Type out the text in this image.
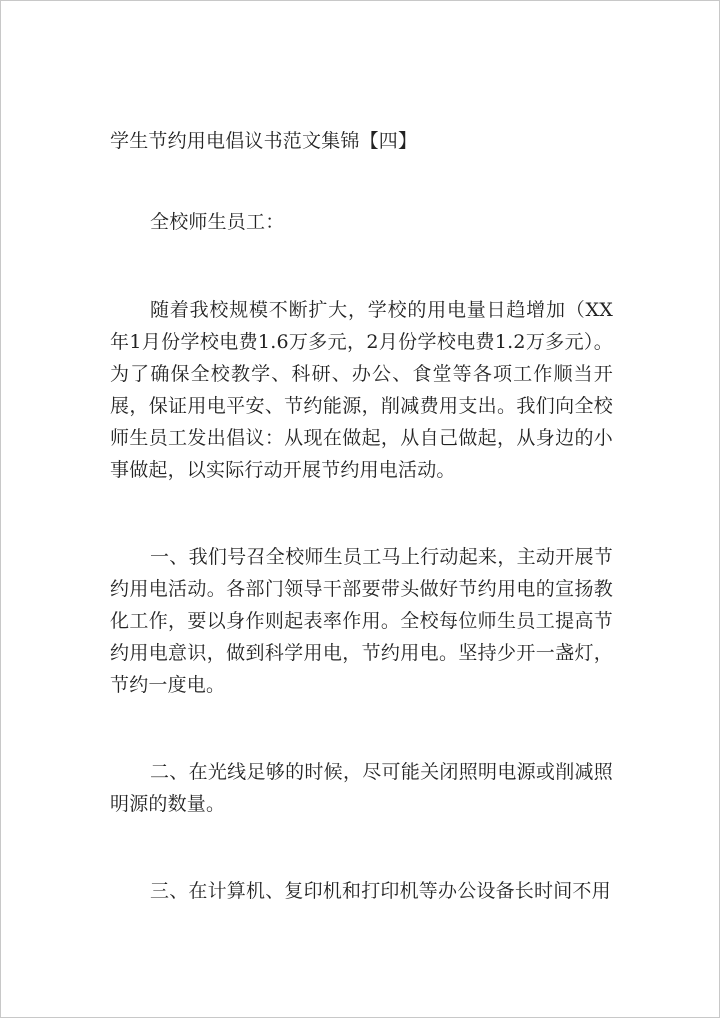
学生节约用电倡议书范文集锦【四】

全校师生员工：

随着我校规模不断扩大，学校的用电量日趋增加（XX年1月份学校电费1.6万多元，2月份学校电费1.2万多元）。为了确保全校教学、科研、办公、食堂等各项工作顺当开展，保证用电平安、节约能源，削减费用支出。我们向全校师生员工发出倡议：从现在做起，从自己做起，从身边的小事做起，以实际行动开展节约用电活动。

一、我们号召全校师生员工马上行动起来，主动开展节约用电活动。各部门领导干部要带头做好节约用电的宣扬教化工作，要以身作则起表率作用。全校每位师生员工提高节约用电意识，做到科学用电，节约用电。坚持少开一盏灯，节约一度电。

二、在光线足够的时候，尽可能关闭照明电源或削减照明源的数量。

三、在计算机、复印机和打印机等办公设备长时间不用
